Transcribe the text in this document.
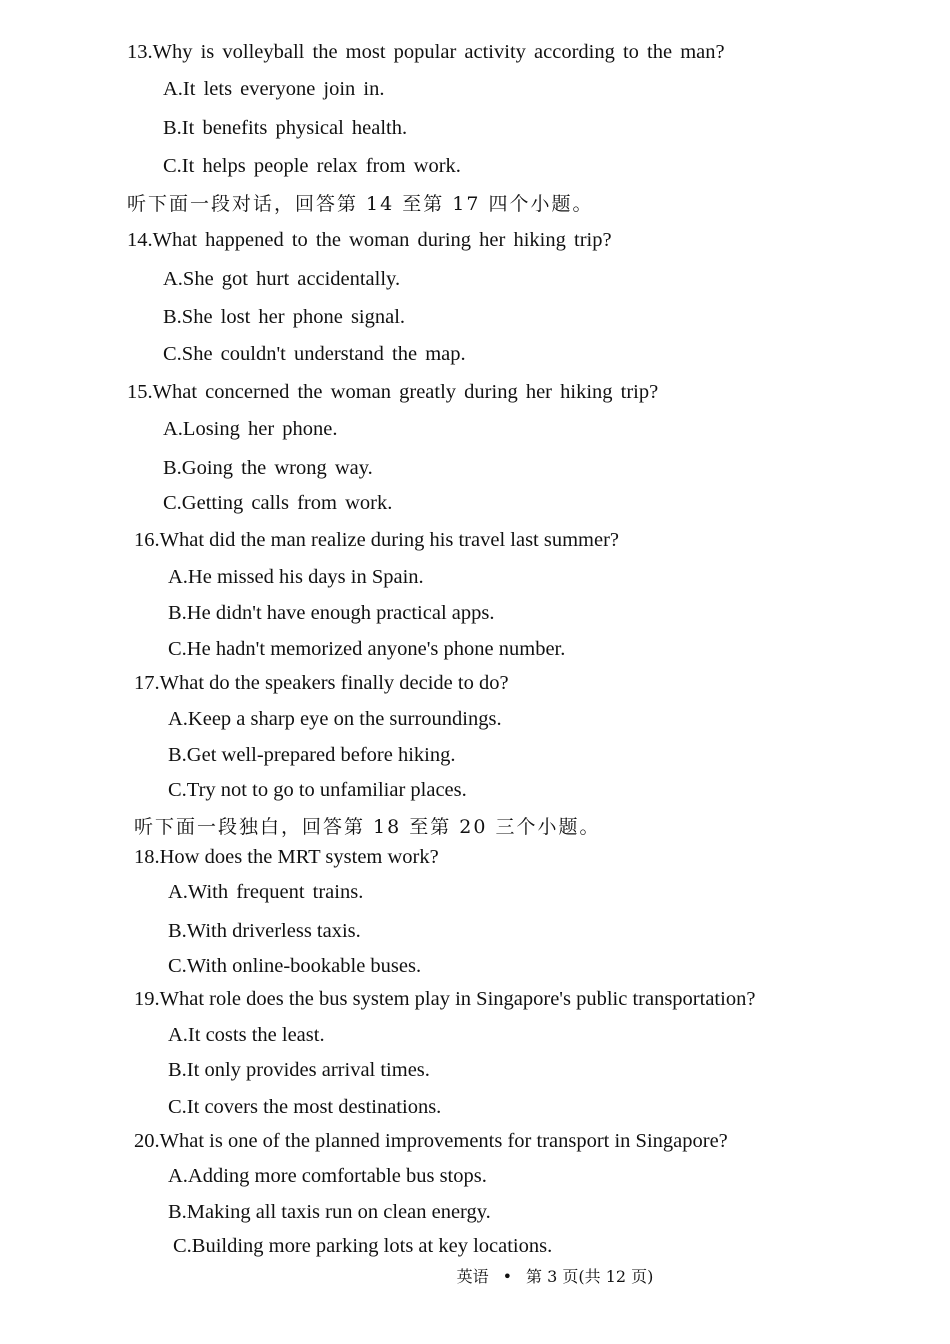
13.Why is volleyball the most popular activity according to the man?
A.It lets everyone join in.
B.It benefits physical health.
C.It helps people relax from work.
听下面一段对话，回答第 14 至第 17 四个小题。
14.What happened to the woman during her hiking trip?
A.She got hurt accidentally.
B.She lost her phone signal.
C.She couldn't understand the map.
15.What concerned the woman greatly during her hiking trip?
A.Losing her phone.
B.Going the wrong way.
C.Getting calls from work.
16.What did the man realize during his travel last summer?
A.He missed his days in Spain.
B.He didn't have enough practical apps.
C.He hadn't memorized anyone's phone number.
17.What do the speakers finally decide to do?
A.Keep a sharp eye on the surroundings.
B.Get well-prepared before hiking.
C.Try not to go to unfamiliar places.
听下面一段独白，回答第 18 至第 20 三个小题。
18.How does the MRT system work?
A.With frequent trains.
B.With driverless taxis.
C.With online-bookable buses.
19.What role does the bus system play in Singapore's public transportation?
A.It costs the least.
B.It only provides arrival times.
C.It covers the most destinations.
20.What is one of the planned improvements for transport in Singapore?
A.Adding more comfortable bus stops.
B.Making all taxis run on clean energy.
C.Building more parking lots at key locations.
英语 • 第 3 页(共 12 页)
